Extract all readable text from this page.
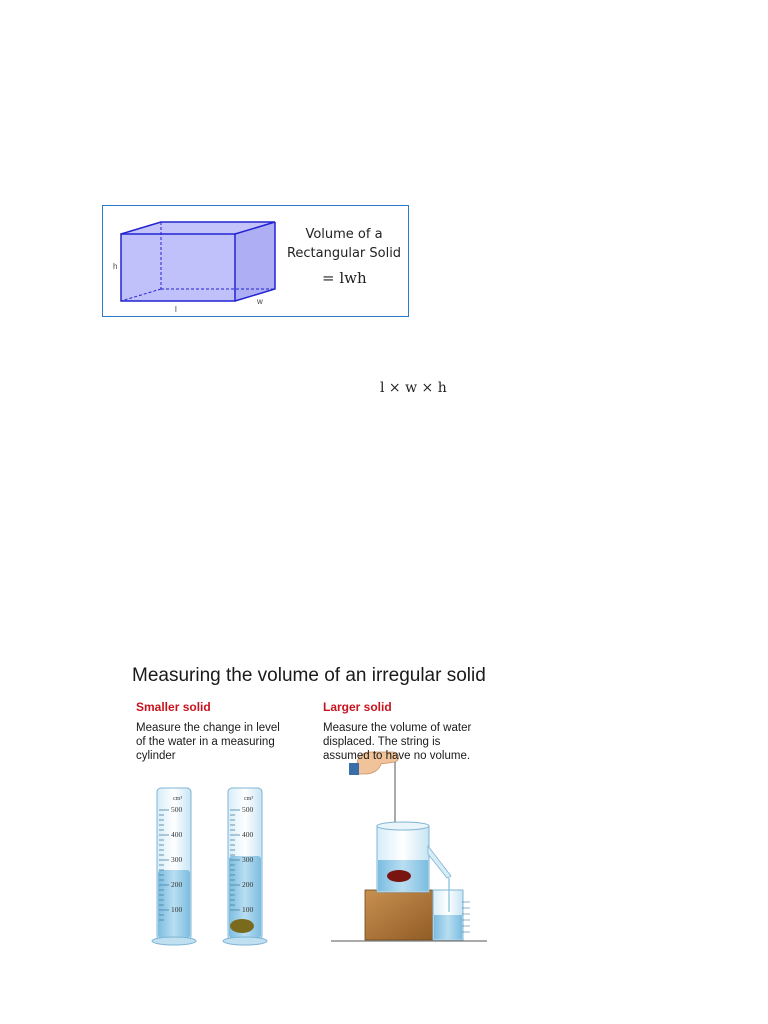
h
l
w
Volume of a
Rectangular Solid
= lwh
l × w × h
500
400
300
200
100
cm³
500
400
300
200
100
cm³
Measuring the volume of an irregular solid
Smaller solid
Measure the change in level
of the water in a measuring
cylinder
Larger solid
Measure the volume of water
displaced. The string is
assumed to have no volume.
